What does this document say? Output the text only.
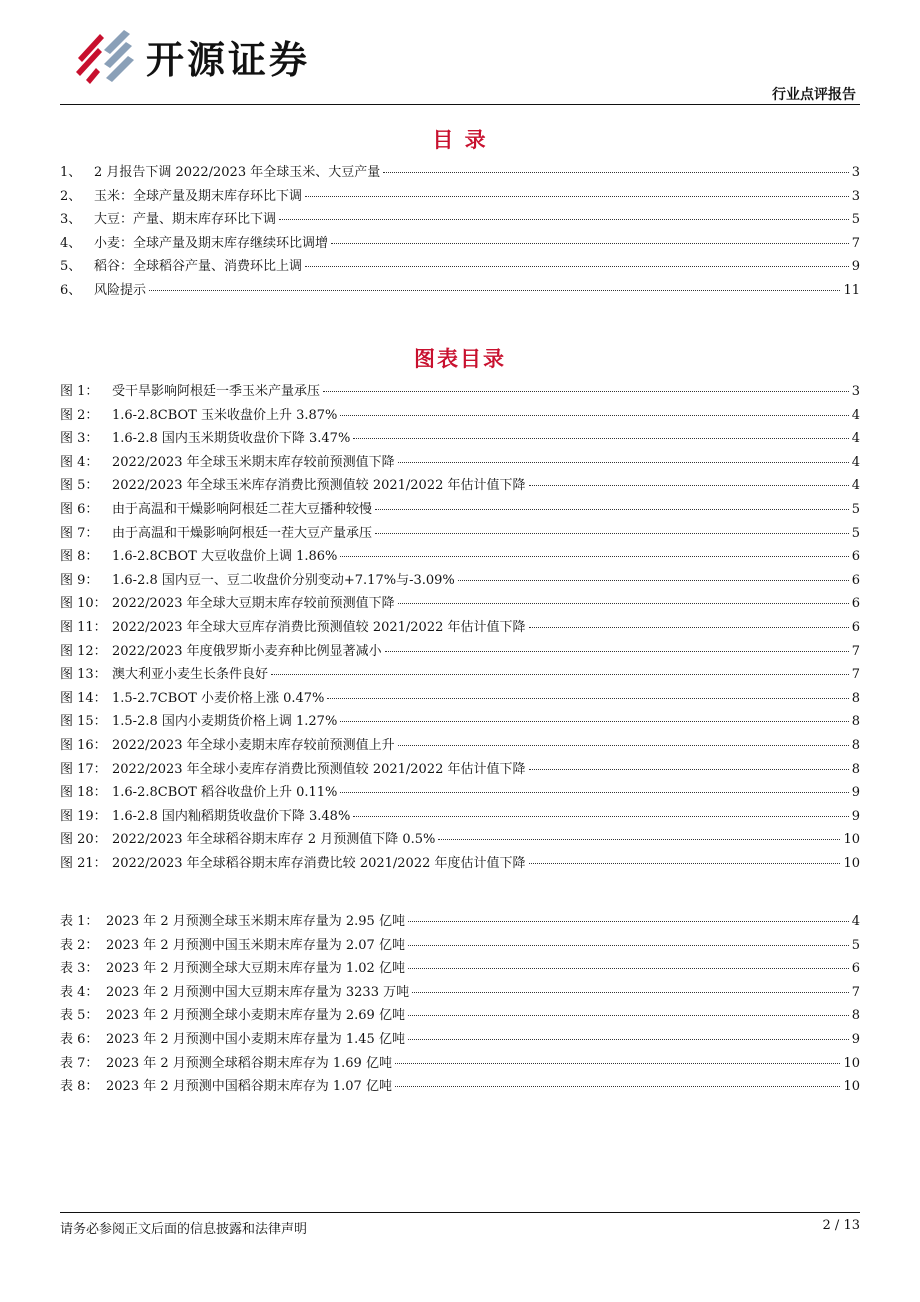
开源证券
行业点评报告
目 录
1、 2 月报告下调 2022/2023 年全球玉米、大豆产量	3
2、 玉米：全球产量及期末库存环比下调	3
3、 大豆：产量、期末库存环比下调	5
4、 小麦：全球产量及期末库存继续环比调增	7
5、 稻谷：全球稻谷产量、消费环比上调	9
6、 风险提示	11
图表目录
图 1：	受干旱影响阿根廷一季玉米产量承压	3
图 2：	1.6-2.8CBOT 玉米收盘价上升 3.87%	4
图 3：	1.6-2.8 国内玉米期货收盘价下降 3.47%	4
图 4：	2022/2023 年全球玉米期末库存较前预测值下降	4
图 5：	2022/2023 年全球玉米库存消费比预测值较 2021/2022 年估计值下降	4
图 6：	由于高温和干燥影响阿根廷二茬大豆播种较慢	5
图 7：	由于高温和干燥影响阿根廷一茬大豆产量承压	5
图 8：	1.6-2.8CBOT 大豆收盘价上调 1.86%	6
图 9：	1.6-2.8 国内豆一、豆二收盘价分别变动+7.17%与-3.09%	6
图 10： 2022/2023 年全球大豆期末库存较前预测值下降	6
图 11： 2022/2023 年全球大豆库存消费比预测值较 2021/2022 年估计值下降	6
图 12： 2022/2023 年度俄罗斯小麦弃种比例显著减小	7
图 13： 澳大利亚小麦生长条件良好	7
图 14： 1.5-2.7CBOT 小麦价格上涨 0.47%	8
图 15： 1.5-2.8 国内小麦期货价格上调 1.27%	8
图 16： 2022/2023 年全球小麦期末库存较前预测值上升	8
图 17： 2022/2023 年全球小麦库存消费比预测值较 2021/2022 年估计值下降	8
图 18： 1.6-2.8CBOT 稻谷收盘价上升 0.11%	9
图 19： 1.6-2.8 国内籼稻期货收盘价下降 3.48%	9
图 20： 2022/2023 年全球稻谷期末库存 2 月预测值下降 0.5%	10
图 21： 2022/2023 年全球稻谷期末库存消费比较 2021/2022 年度估计值下降	10
表 1： 2023 年 2 月预测全球玉米期末库存量为 2.95 亿吨	4
表 2： 2023 年 2 月预测中国玉米期末库存量为 2.07 亿吨	5
表 3： 2023 年 2 月预测全球大豆期末库存量为 1.02 亿吨	6
表 4： 2023 年 2 月预测中国大豆期末库存量为 3233 万吨	7
表 5： 2023 年 2 月预测全球小麦期末库存量为 2.69 亿吨	8
表 6： 2023 年 2 月预测中国小麦期末库存量为 1.45 亿吨	9
表 7： 2023 年 2 月预测全球稻谷期末库存为 1.69 亿吨	10
表 8： 2023 年 2 月预测中国稻谷期末库存为 1.07 亿吨	10
请务必参阅正文后面的信息披露和法律声明	2 / 13
